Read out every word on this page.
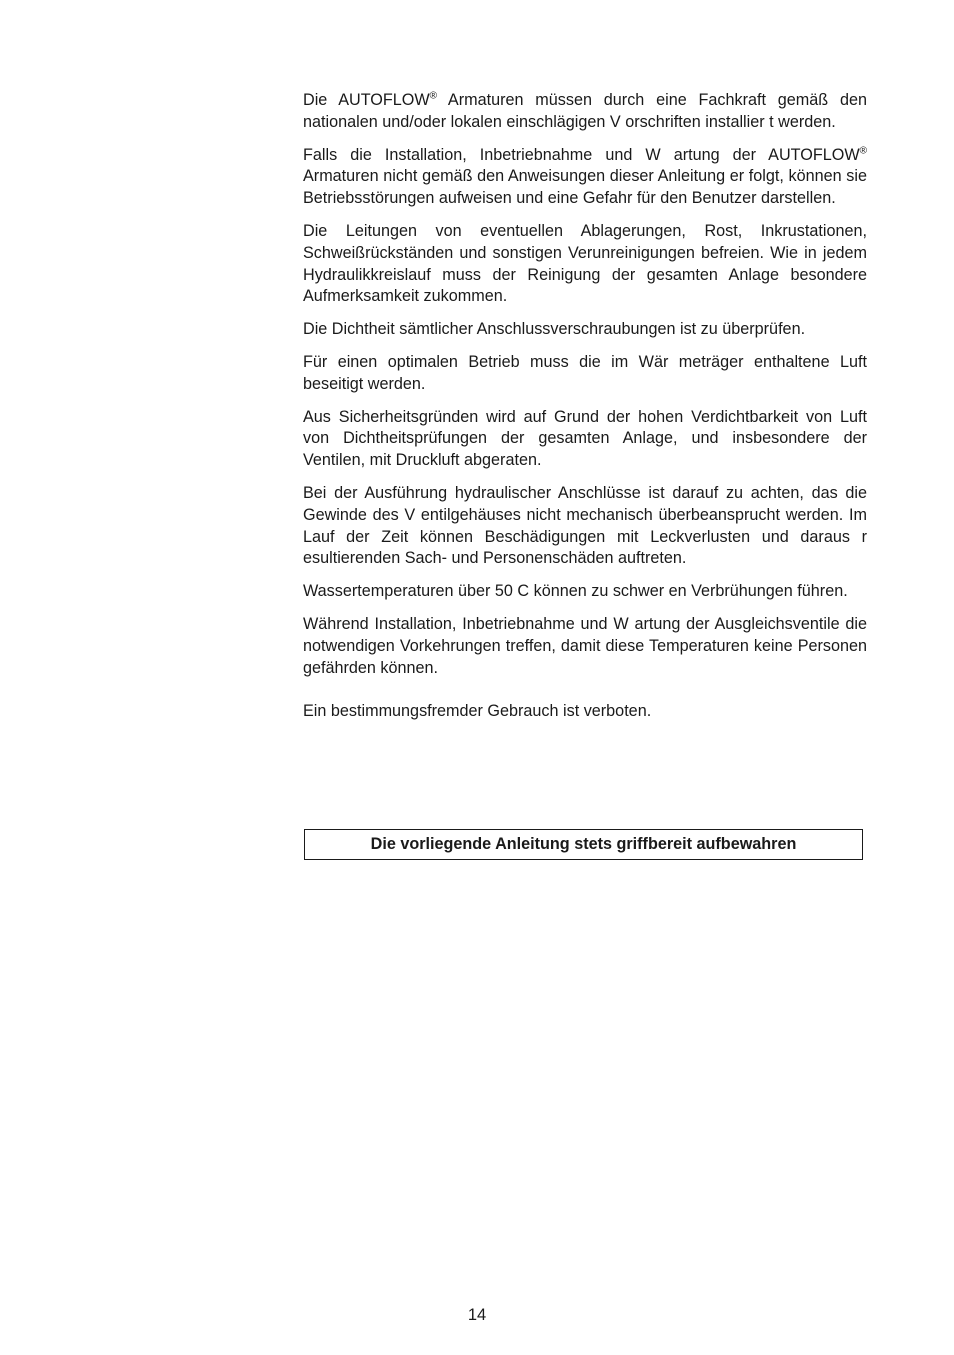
Die AUTOFLOW® Armaturen müssen durch eine Fachkraft gemäß den nationalen und/oder lokalen einschlägigen V orschriften installier t werden.

Falls die Installation, Inbetriebnahme und W artung der AUTOFLOW® Armaturen nicht gemäß den Anweisungen dieser Anleitung er folgt, können sie Betriebsstörungen aufweisen und eine Gefahr für den Benutzer darstellen.

Die Leitungen von eventuellen Ablagerungen, Rost, Inkrustationen, Schweißrückständen und sonstigen Verunreinigungen befreien. Wie in jedem Hydraulikkreislauf muss der Reinigung der gesamten Anlage besondere Aufmerksamkeit zukommen.

Die Dichtheit sämtlicher Anschlussverschraubungen ist zu überprüfen.

Für einen optimalen Betrieb muss die im Wär meträger enthaltene Luft beseitigt werden.

Aus Sicherheitsgründen wird auf Grund der hohen Verdichtbarkeit von Luft von Dichtheitsprüfungen der gesamten Anlage, und insbesondere der Ventilen, mit Druckluft abgeraten.

Bei der Ausführung hydraulischer Anschlüsse ist darauf zu achten, das die Gewinde des V entilgehäuses nicht mechanisch überbeansprucht werden. Im Lauf der Zeit können Beschädigungen mit Leckverlusten und daraus r esultierenden Sach- und Personenschäden auftreten.

Wassertemperaturen über 50 C können zu schwer en Verbrühungen führen.

Während Installation, Inbetriebnahme und W artung der Ausgleichsventile die notwendigen Vorkehrungen treffen, damit diese Temperaturen keine Personen gefährden können.

Ein bestimmungsfremder Gebrauch ist verboten.

Die vorliegende Anleitung stets griffbereit aufbewahren
14
